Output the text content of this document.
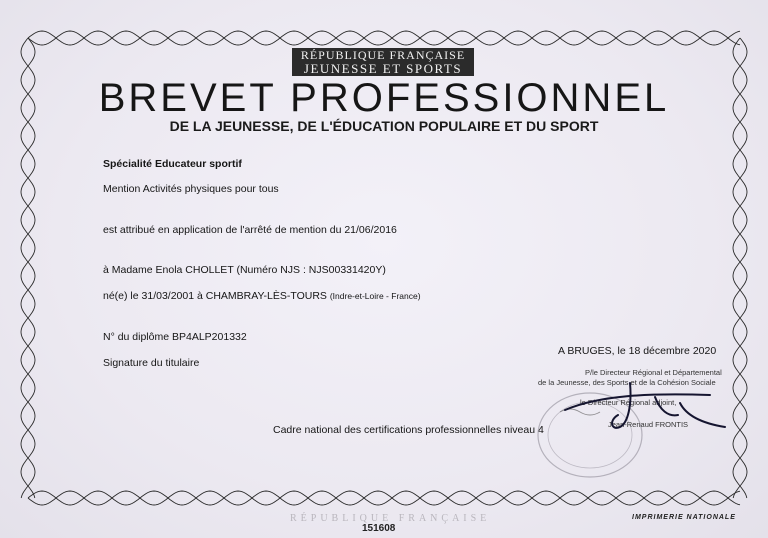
RÉPUBLIQUE FRANÇAISE
JEUNESSE ET SPORTS
BREVET PROFESSIONNEL
DE LA JEUNESSE, DE L'ÉDUCATION POPULAIRE ET DU SPORT
Spécialité Educateur sportif
Mention Activités physiques pour tous
est attribué en application de l'arrêté de mention du 21/06/2016
à Madame Enola CHOLLET (Numéro NJS : NJS00331420Y)
né(e) le 31/03/2001 à CHAMBRAY-LÈS-TOURS (Indre-et-Loire - France)
N° du diplôme BP4ALP201332
Signature du titulaire
Cadre national des certifications professionnelles niveau 4
A BRUGES, le 18 décembre 2020
P/le Directeur Régional et Départemental
de la Jeunesse, des Sports et de la Cohésion Sociale
le Directeur Régional adjoint,
Jean-Renaud FRONTIS
RÉPUBLIQUE FRANÇAISE
151608
IMPRIMERIE NATIONALE
